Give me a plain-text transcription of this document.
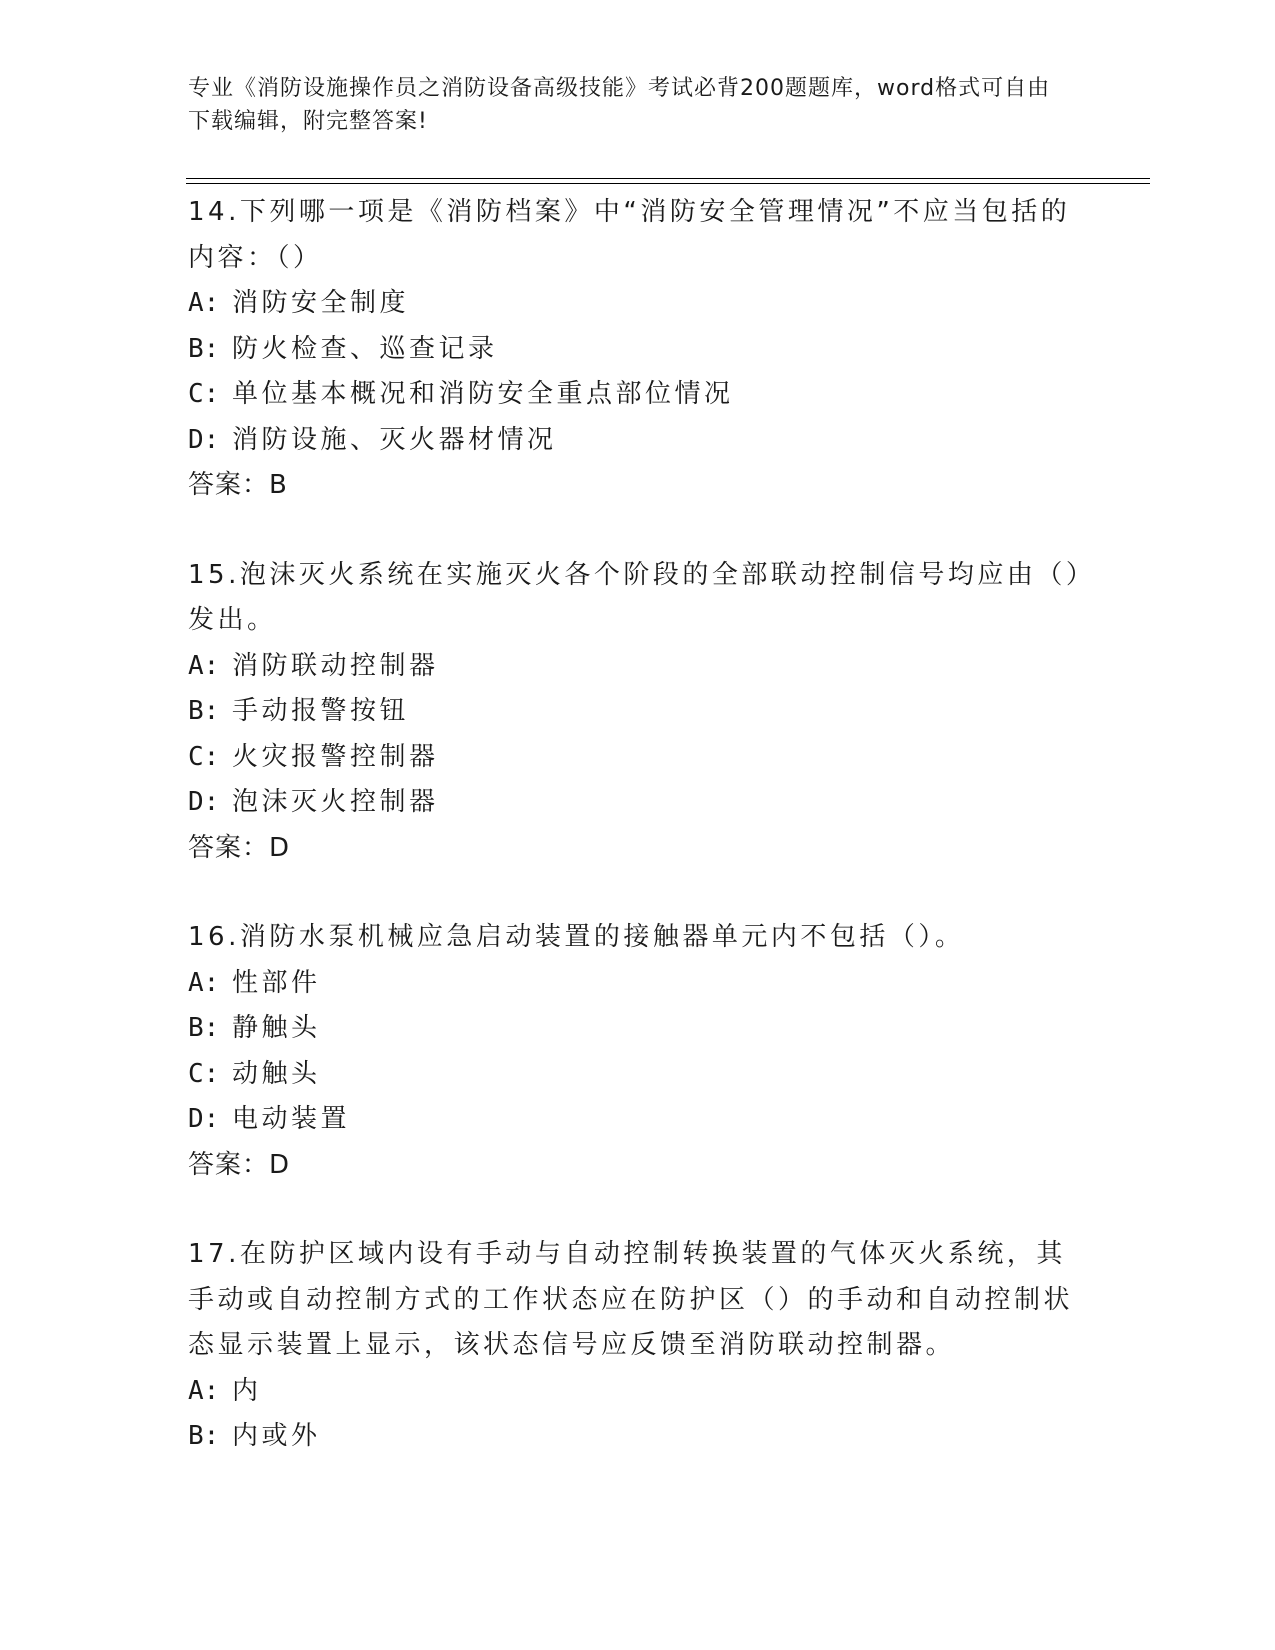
专业《消防设施操作员之消防设备高级技能》考试必背200题题库，word格式可自由下载编辑，附完整答案!
14.下列哪一项是《消防档案》中“消防安全管理情况”不应当包括的内容：（）
A: 消防安全制度
B: 防火检查、巡查记录
C: 单位基本概况和消防安全重点部位情况
D: 消防设施、灭火器材情况
答案：B
15.泡沫灭火系统在实施灭火各个阶段的全部联动控制信号均应由（）发出。
A: 消防联动控制器
B: 手动报警按钮
C: 火灾报警控制器
D: 泡沫灭火控制器
答案：D
16.消防水泵机械应急启动装置的接触器单元内不包括（）。
A: 性部件
B: 静触头
C: 动触头
D: 电动装置
答案：D
17.在防护区域内设有手动与自动控制转换装置的气体灭火系统，其手动或自动控制方式的工作状态应在防护区（）的手动和自动控制状态显示装置上显示，该状态信号应反馈至消防联动控制器。
A: 内
B: 内或外
